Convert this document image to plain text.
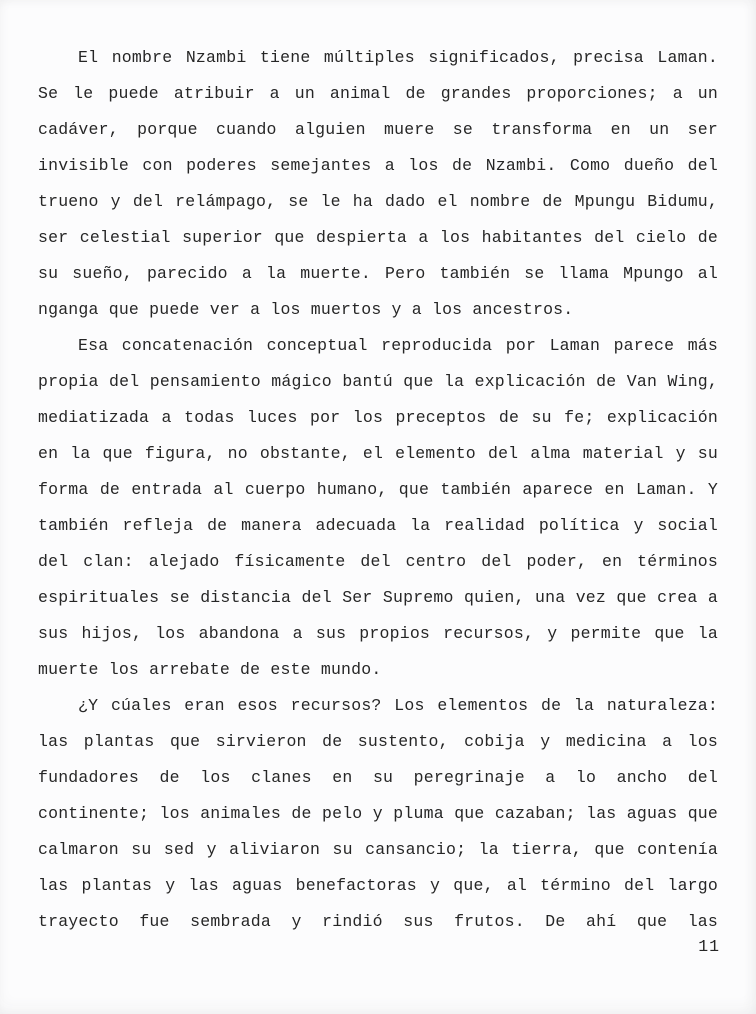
El nombre Nzambi tiene múltiples significados, precisa Laman.
Se le puede atribuir a un animal de grandes proporciones; a un
cadáver, porque cuando alguien muere se transforma en un ser
invisible con poderes semejantes a los de Nzambi. Como dueño del
trueno y del relámpago, se le ha dado el nombre de Mpungu Bidumu,
ser celestial superior que despierta a los habitantes del cielo de
su sueño, parecido a la muerte. Pero también se llama Mpungo al
nganga que puede ver a los muertos y a los ancestros.
Esa concatenación conceptual reproducida por Laman parece más
propia del pensamiento mágico bantú que la explicación de Van Wing,
mediatizada a todas luces por los preceptos de su fe; explicación
en la que figura, no obstante, el elemento del alma material y su
forma de entrada al cuerpo humano, que también aparece en Laman. Y
también refleja de manera adecuada la realidad política y social
del clan: alejado físicamente del centro del poder, en términos
espirituales se distancia del Ser Supremo quien, una vez que crea a
sus hijos, los abandona a sus propios recursos, y permite que la
muerte los arrebate de este mundo.
¿Y cúales eran esos recursos? Los elementos de la naturaleza:
las plantas que sirvieron de sustento, cobija y medicina a los
fundadores de los clanes en su peregrinaje a lo ancho del
continente; los animales de pelo y pluma que cazaban; las aguas que
calmaron su sed y aliviaron su cansancio; la tierra, que contenía
las plantas y las aguas benefactoras y que, al término del largo
trayecto fue sembrada y rindió sus frutos. De ahí que las
11
